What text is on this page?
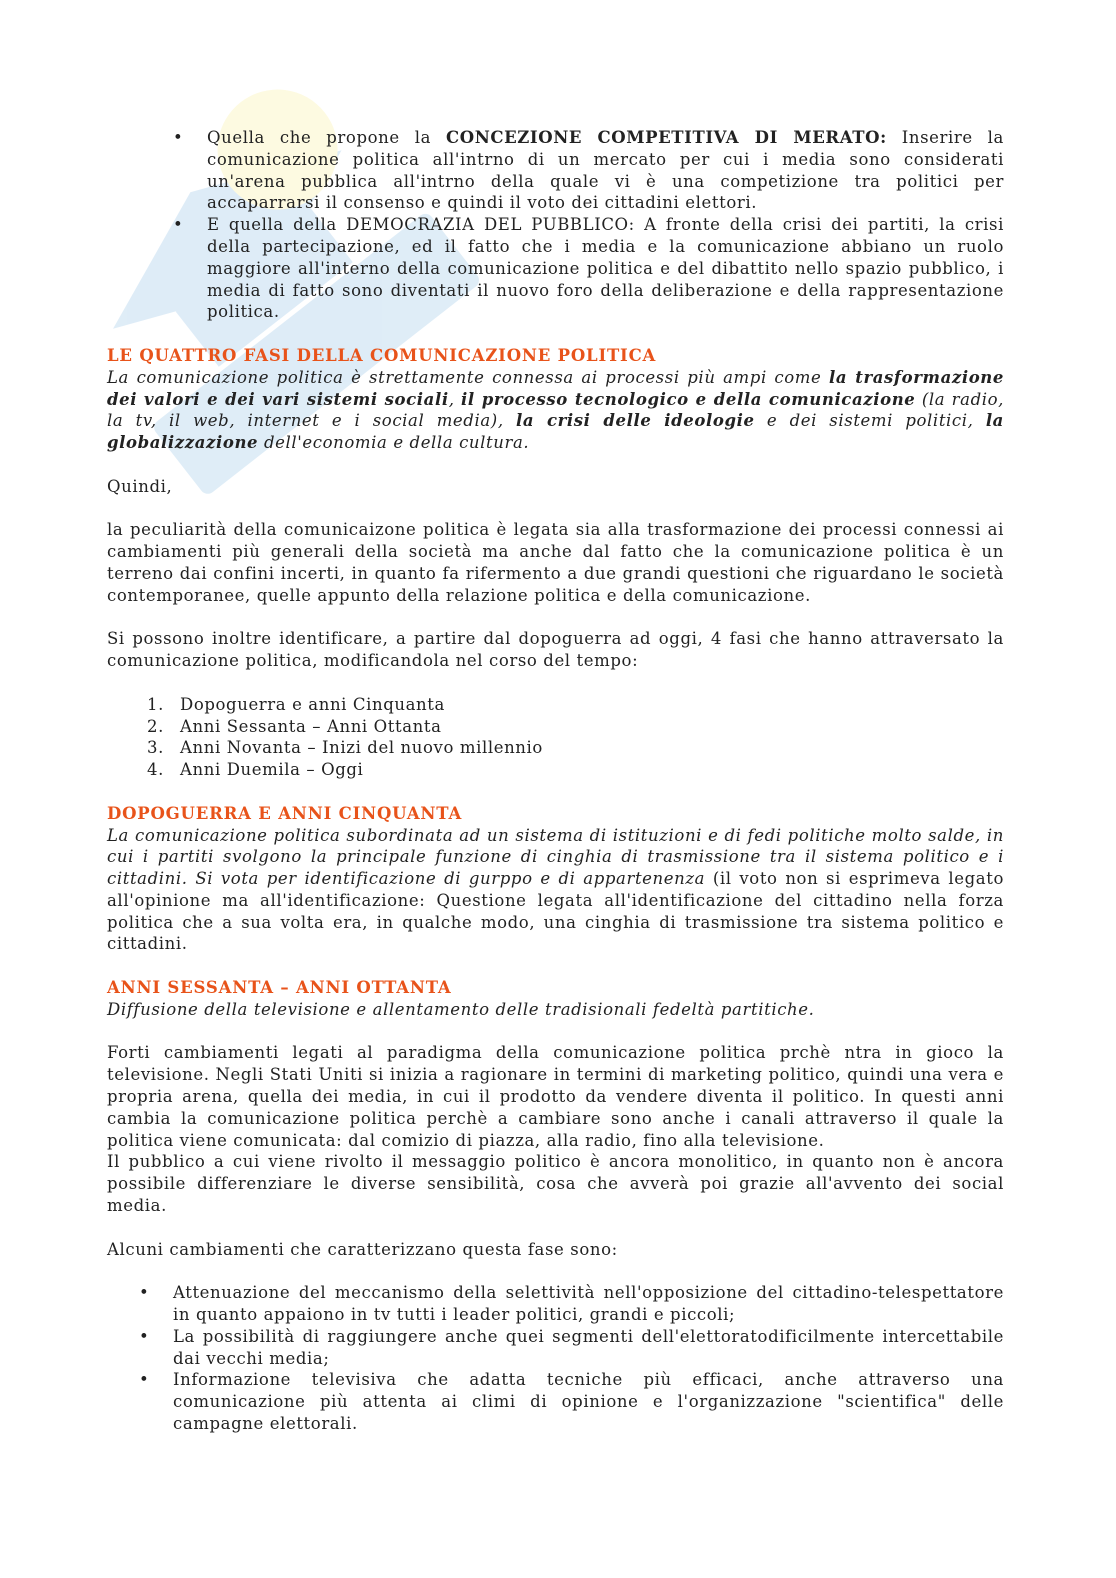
• Quella che propone la CONCEZIONE COMPETITIVA DI MERATO: Inserire la comunicazione politica all'intrno di un mercato per cui i media sono considerati un'arena pubblica all'intrno della quale vi è una competizione tra politici per accaparrarsi il consenso e quindi il voto dei cittadini elettori.
• E quella della DEMOCRAZIA DEL PUBBLICO: A fronte della crisi dei partiti, la crisi della partecipazione, ed il fatto che i media e la comunicazione abbiano un ruolo maggiore all'interno della comunicazione politica e del dibattito nello spazio pubblico, i media di fatto sono diventati il nuovo foro della deliberazione e della rappresentazione politica.

LE QUATTRO FASI DELLA COMUNICAZIONE POLITICA

La comunicazione politica è strettamente connessa ai processi più ampi come la trasformazione dei valori e dei vari sistemi sociali, il processo tecnologico e della comunicazione (la radio, la tv, il web, internet e i social media), la crisi delle ideologie e dei sistemi politici, la globalizzazione dell'economia e della cultura.

Quindi,

la peculiarità della comunicaizone politica è legata sia alla trasformazione dei processi connessi ai cambiamenti più generali della società ma anche dal fatto che la comunicazione politica è un terreno dai confini incerti, in quanto fa rifermento a due grandi questioni che riguardano le società contemporanee, quelle appunto della relazione politica e della comunicazione.

Si possono inoltre identificare, a partire dal dopoguerra ad oggi, 4 fasi che hanno attraversato la comunicazione politica, modificandola nel corso del tempo:

1. Dopoguerra e anni Cinquanta
2. Anni Sessanta – Anni Ottanta
3. Anni Novanta – Inizi del nuovo millennio
4. Anni Duemila – Oggi

DOPOGUERRA E ANNI CINQUANTA

La comunicazione politica subordinata ad un sistema di istituzioni e di fedi politiche molto salde, in cui i partiti svolgono la principale funzione di cinghia di trasmissione tra il sistema politico e i cittadini. Si vota per identificazione di gurppo e di appartenenza (il voto non si esprimeva legato all'opinione ma all'identificazione: Questione legata all'identificazione del cittadino nella forza politica che a sua volta era, in qualche modo, una cinghia di trasmissione tra sistema politico e cittadini.

ANNI SESSANTA – ANNI OTTANTA

Diffusione della televisione e allentamento delle tradisionali fedeltà partitiche.

Forti cambiamenti legati al paradigma della comunicazione politica prchè ntra in gioco la televisione. Negli Stati Uniti si inizia a ragionare in termini di marketing politico, quindi una vera e propria arena, quella dei media, in cui il prodotto da vendere diventa il politico. In questi anni cambia la comunicazione politica perchè a cambiare sono anche i canali attraverso il quale la politica viene comunicata: dal comizio di piazza, alla radio, fino alla televisione.

Il pubblico a cui viene rivolto il messaggio politico è ancora monolitico, in quanto non è ancora possibile differenziare le diverse sensibilità, cosa che avverà poi grazie all'avvento dei social media.

Alcuni cambiamenti che caratterizzano questa fase sono:

• Attenuazione del meccanismo della selettività nell'opposizione del cittadino-telespettatore in quanto appaiono in tv tutti i leader politici, grandi e piccoli;
• La possibilità di raggiungere anche quei segmenti dell'elettoratodificilmente intercettabile dai vecchi media;
• Informazione televisiva che adatta tecniche più efficaci, anche attraverso una comunicazione più attenta ai climi di opinione e l'organizzazione "scientifica" delle campagne elettorali.
